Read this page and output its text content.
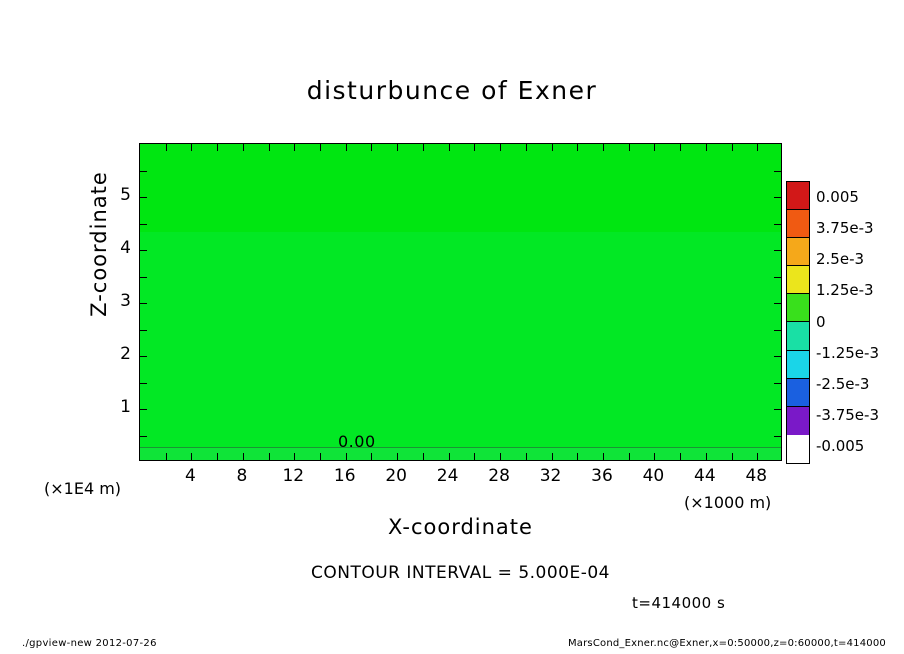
disturbunce of Exner
0.00
4	8	12	16	20	24	28	32	36	40	44	48
1
2
3
4
5
Z-coordinate
X-coordinate
(×1E4 m)
(×1000 m)
CONTOUR INTERVAL = 5.000E-04
t=414000 s
0.005
3.75e-3
2.5e-3
1.25e-3
0
-1.25e-3
-2.5e-3
-3.75e-3
-0.005
./gpview-new 2012-07-26	MarsCond_Exner.nc@Exner,x=0:50000,z=0:60000,t=414000
